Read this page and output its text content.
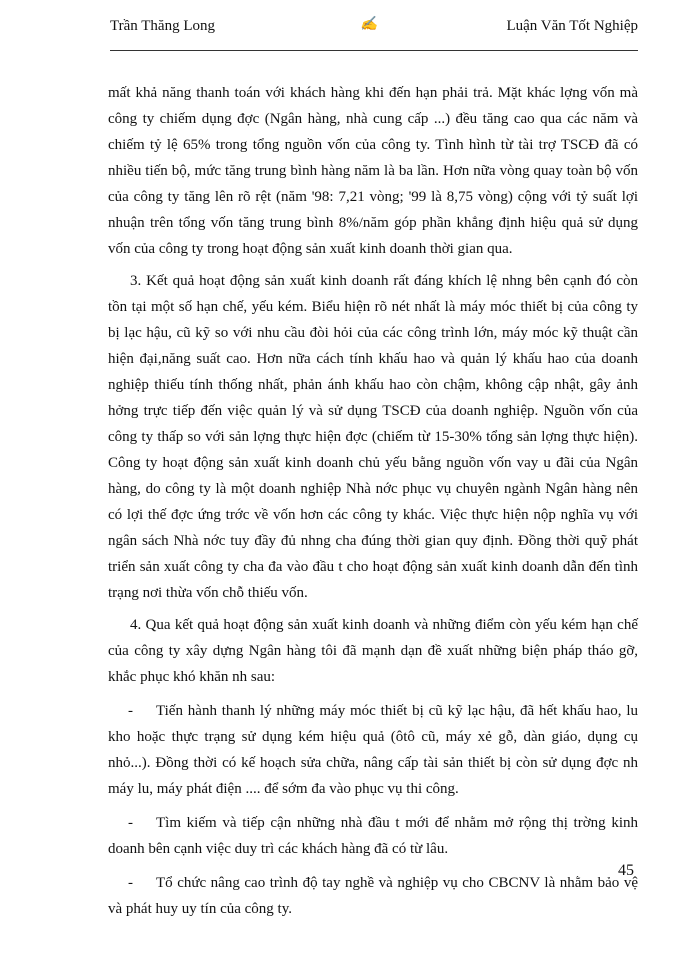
Trần Thăng Long	✍	Luận Văn Tốt Nghiệp

mất khả năng thanh toán với khách hàng khi đến hạn phải trả. Mặt khác lợng vốn mà công ty chiếm dụng đợc (Ngân hàng, nhà cung cấp ...) đều tăng cao qua các năm và chiếm tỷ lệ 65% trong tổng nguồn vốn của công ty. Tình hình từ tài trợ TSCĐ đã có nhiều tiến bộ, mức tăng trung bình hàng năm là ba lần. Hơn nữa vòng quay toàn bộ vốn của công ty tăng lên rõ rệt (năm '98: 7,21 vòng; '99 là 8,75 vòng) cộng với tỷ suất lợi nhuận trên tổng vốn tăng trung bình 8%/năm góp phần khẳng định hiệu quả sử dụng vốn của công ty trong hoạt động sản xuất kinh doanh thời gian qua.

3. Kết quả hoạt động sản xuất kinh doanh rất đáng khích lệ nhng bên cạnh đó còn tồn tại một số hạn chế, yếu kém. Biểu hiện rõ nét nhất là máy móc thiết bị của công ty bị lạc hậu, cũ kỹ so với nhu cầu đòi hỏi của các công trình lớn, máy móc kỹ thuật cần hiện đại,năng suất cao. Hơn nữa cách tính khấu hao và quản lý khấu hao của doanh nghiệp thiếu tính thống nhất, phản ánh khấu hao còn chậm, không cập nhật, gây ảnh hởng trực tiếp đến việc quản lý và sử dụng TSCĐ của doanh nghiệp. Nguồn vốn của công ty thấp so với sản lợng thực hiện đợc (chiếm từ 15-30% tổng sản lợng thực hiện). Công ty hoạt động sản xuất kinh doanh chủ yếu bằng nguồn vốn vay u đãi của Ngân hàng, do công ty là một doanh nghiệp Nhà nớc phục vụ chuyên ngành Ngân hàng nên có lợi thế đợc ứng trớc về vốn hơn các công ty khác. Việc thực hiện nộp nghĩa vụ với ngân sách Nhà nớc tuy đầy đủ nhng cha đúng thời gian quy định. Đồng thời quỹ phát triển sản xuất công ty cha đa vào đầu t cho hoạt động sản xuất kinh doanh dẫn đến tình trạng nơi thừa vốn chỗ thiếu vốn.

4. Qua kết quả hoạt động sản xuất kinh doanh và những điểm còn yếu kém hạn chế của công ty xây dựng Ngân hàng tôi đã mạnh dạn đề xuất những biện pháp tháo gỡ, khắc phục khó khăn nh sau:

-	Tiến hành thanh lý những máy móc thiết bị cũ kỹ lạc hậu, đã hết khấu hao, lu kho hoặc thực trạng sử dụng kém hiệu quả (ôtô cũ, máy xẻ gỗ, dàn giáo, dụng cụ nhỏ...). Đồng thời có kế hoạch sửa chữa, nâng cấp tài sản thiết bị còn sử dụng đợc nh máy lu, máy phát điện .... để sớm đa vào phục vụ thi công.
-	Tìm kiếm và tiếp cận những nhà đầu t mới để nhằm mở rộng thị trờng kinh doanh bên cạnh việc duy trì các khách hàng đã có từ lâu.
-	Tổ chức nâng cao trình độ tay nghề và nghiệp vụ cho CBCNV là nhằm bảo vệ và phát huy uy tín của công ty.
45
